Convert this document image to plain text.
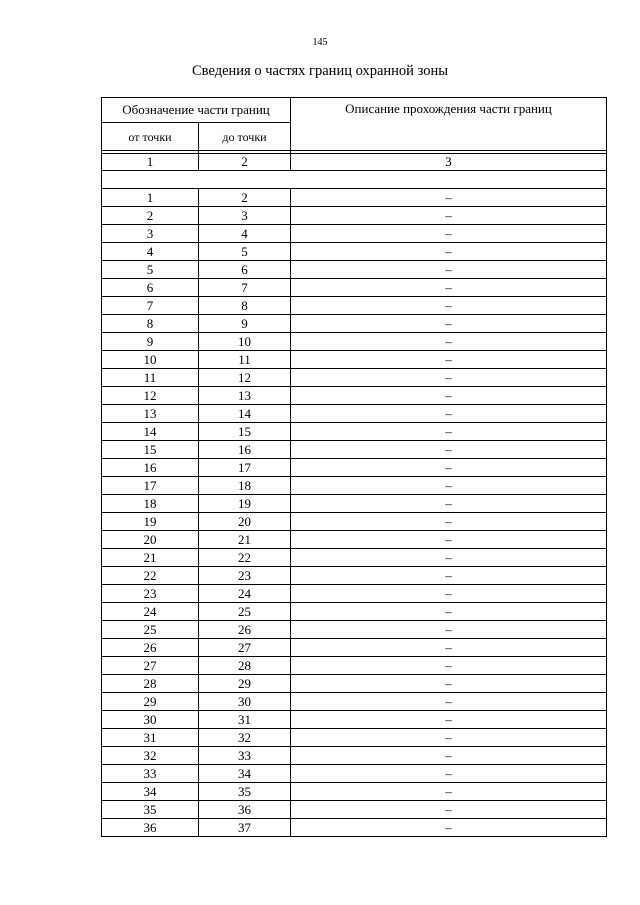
145
Сведения о частях границ охранной зоны
Обозначение части границ		Описание прохождения части границ
от точки	до точки	

1	2	3

1	2	–
2	3	–
3	4	–
4	5	–
5	6	–
6	7	–
7	8	–
8	9	–
9	10	–
10	11	–
11	12	–
12	13	–
13	14	–
14	15	–
15	16	–
16	17	–
17	18	–
18	19	–
19	20	–
20	21	–
21	22	–
22	23	–
23	24	–
24	25	–
25	26	–
26	27	–
27	28	–
28	29	–
29	30	–
30	31	–
31	32	–
32	33	–
33	34	–
34	35	–
35	36	–
36	37	–
